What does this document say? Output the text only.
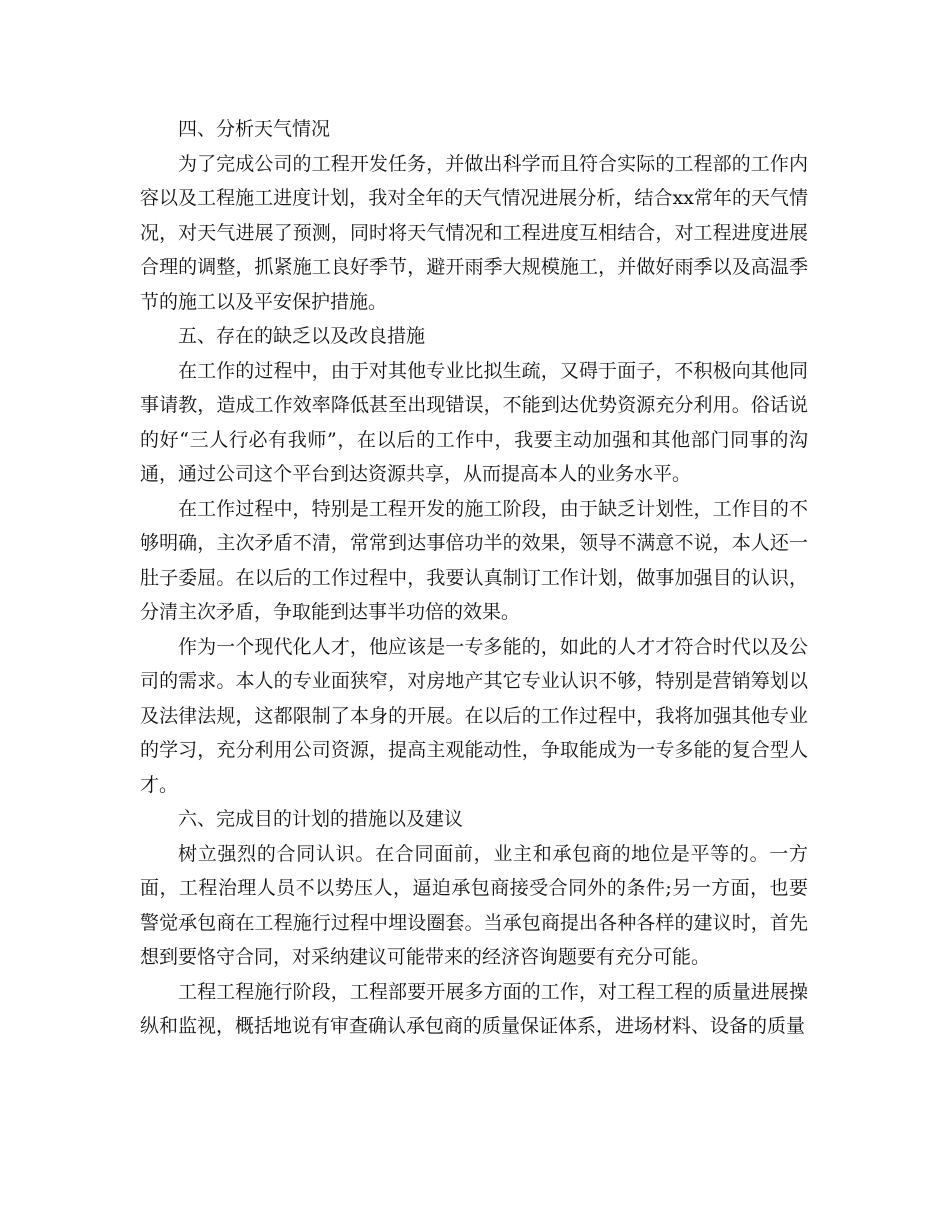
四、分析天气情况

为了完成公司的工程开发任务，并做出科学而且符合实际的工程部的工作内容以及工程施工进度计划，我对全年的天气情况进展分析，结合xx常年的天气情况，对天气进展了预测，同时将天气情况和工程进度互相结合，对工程进度进展合理的调整，抓紧施工良好季节，避开雨季大规模施工，并做好雨季以及高温季节的施工以及平安保护措施。

五、存在的缺乏以及改良措施

在工作的过程中，由于对其他专业比拟生疏，又碍于面子，不积极向其他同事请教，造成工作效率降低甚至出现错误，不能到达优势资源充分利用。俗话说的好“三人行必有我师”，在以后的工作中，我要主动加强和其他部门同事的沟通，通过公司这个平台到达资源共享，从而提高本人的业务水平。

在工作过程中，特别是工程开发的施工阶段，由于缺乏计划性，工作目的不够明确，主次矛盾不清，常常到达事倍功半的效果，领导不满意不说，本人还一肚子委屈。在以后的工作过程中，我要认真制订工作计划，做事加强目的认识，分清主次矛盾，争取能到达事半功倍的效果。

作为一个现代化人才，他应该是一专多能的，如此的人才才符合时代以及公司的需求。本人的专业面狭窄，对房地产其它专业认识不够，特别是营销筹划以及法律法规，这都限制了本身的开展。在以后的工作过程中，我将加强其他专业的学习，充分利用公司资源，提高主观能动性，争取能成为一专多能的复合型人才。

六、完成目的计划的措施以及建议

树立强烈的合同认识。在合同面前，业主和承包商的地位是平等的。一方面，工程治理人员不以势压人，逼迫承包商接受合同外的条件;另一方面，也要警觉承包商在工程施行过程中埋设圈套。当承包商提出各种各样的建议时，首先想到要恪守合同，对采纳建议可能带来的经济咨询题要有充分可能。

工程工程施行阶段，工程部要开展多方面的工作，对工程工程的质量进展操纵和监视，概括地说有审查确认承包商的质量保证体系，进场材料、设备的质量
